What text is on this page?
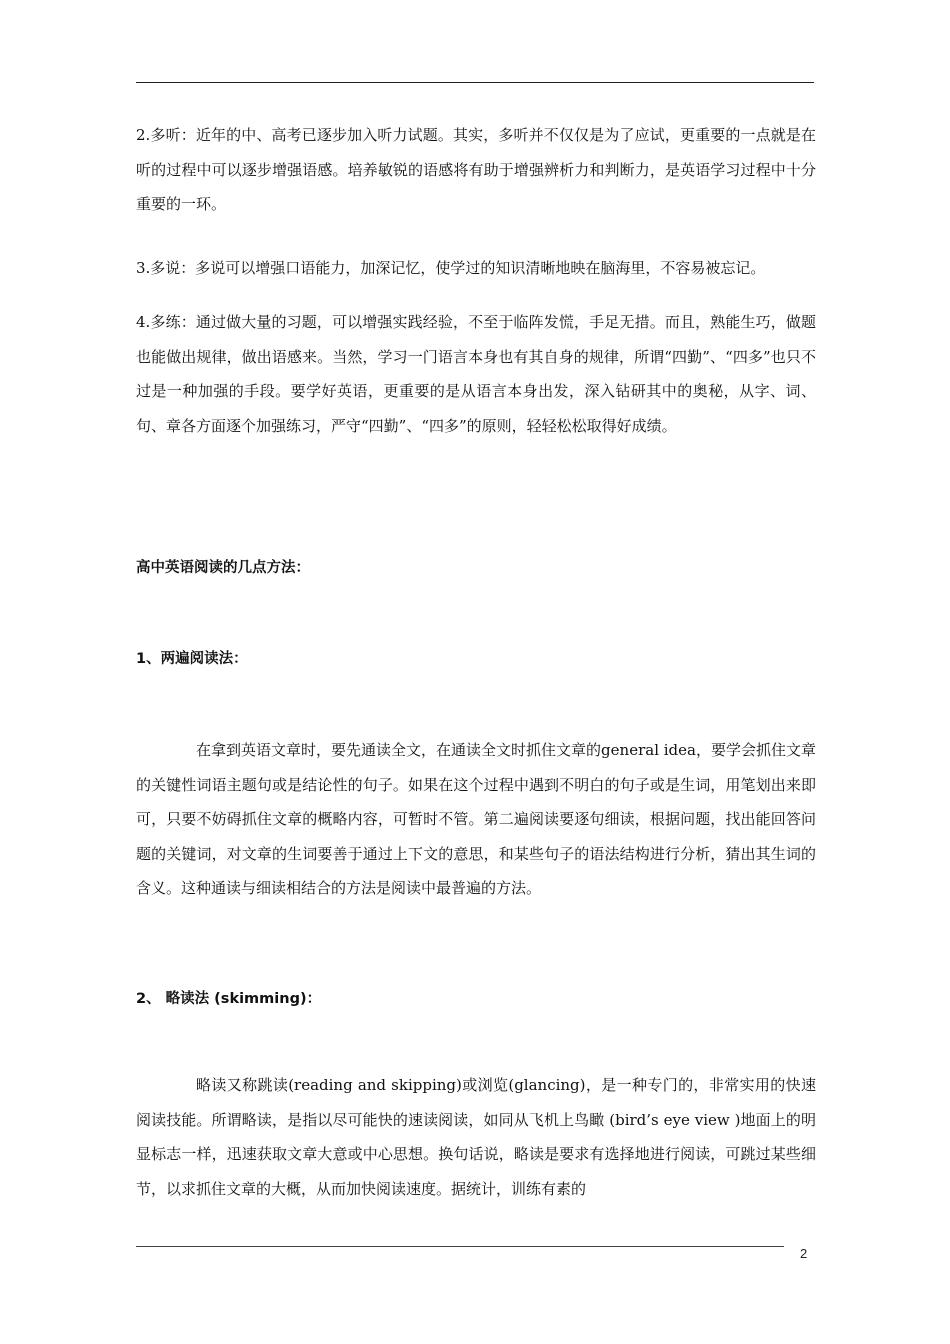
2.多听：近年的中、高考已逐步加入听力试题。其实，多听并不仅仅是为了应试，更重要的一点就是在听的过程中可以逐步增强语感。培养敏锐的语感将有助于增强辨析力和判断力，是英语学习过程中十分重要的一环。
3.多说：多说可以增强口语能力，加深记忆，使学过的知识清晰地映在脑海里，不容易被忘记。
4.多练：通过做大量的习题，可以增强实践经验，不至于临阵发慌，手足无措。而且，熟能生巧，做题也能做出规律，做出语感来。当然，学习一门语言本身也有其自身的规律，所谓“四勤”、“四多”也只不过是一种加强的手段。要学好英语，更重要的是从语言本身出发，深入钻研其中的奥秘，从字、词、句、章各方面逐个加强练习，严守“四勤”、“四多”的原则，轻轻松松取得好成绩。
高中英语阅读的几点方法：
1、两遍阅读法：
在拿到英语文章时，要先通读全文，在通读全文时抓住文章的general idea，要学会抓住文章的关键性词语主题句或是结论性的句子。如果在这个过程中遇到不明白的句子或是生词，用笔划出来即可，只要不妨碍抓住文章的概略内容，可暂时不管。第二遍阅读要逐句细读，根据问题，找出能回答问题的关键词，对文章的生词要善于通过上下文的意思，和某些句子的语法结构进行分析，猜出其生词的含义。这种通读与细读相结合的方法是阅读中最普遍的方法。
2、 略读法 (skimming)：
略读又称跳读(reading and skipping)或浏览(glancing)，是一种专门的，非常实用的快速阅读技能。所谓略读，是指以尽可能快的速读阅读，如同从飞机上鸟瞰 (bird’s eye view )地面上的明显标志一样，迅速获取文章大意或中心思想。换句话说，略读是要求有选择地进行阅读，可跳过某些细节，以求抓住文章的大概，从而加快阅读速度。据统计，训练有素的
2
